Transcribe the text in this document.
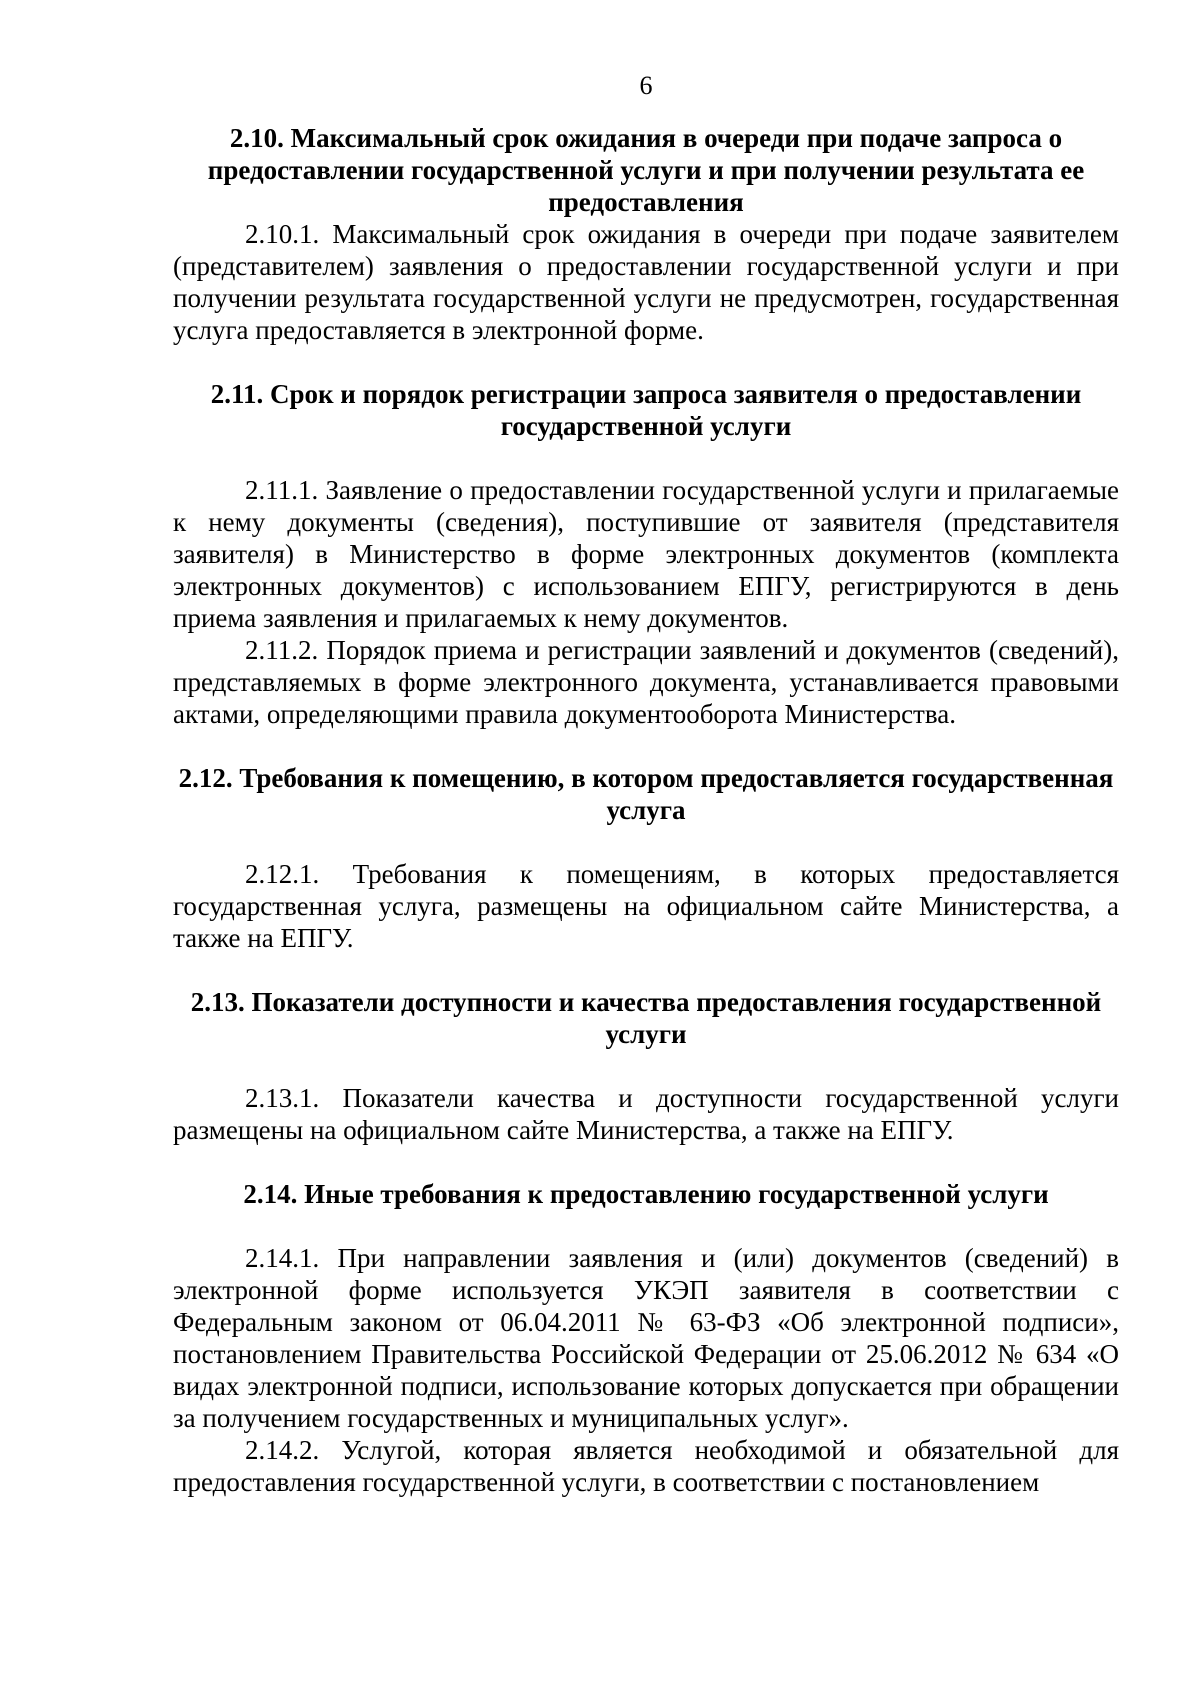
6
2.10. Максимальный срок ожидания в очереди при подаче запроса о предоставлении государственной услуги и при получении результата ее предоставления

2.10.1. Максимальный срок ожидания в очереди при подаче заявителем (представителем) заявления о предоставлении государственной услуги и при получении результата государственной услуги не предусмотрен, государственная услуга предоставляется в электронной форме.

2.11. Срок и порядок регистрации запроса заявителя о предоставлении государственной услуги

2.11.1. Заявление о предоставлении государственной услуги и прилагаемые к нему документы (сведения), поступившие от заявителя (представителя заявителя) в Министерство в форме электронных документов (комплекта электронных документов) с использованием ЕПГУ, регистрируются в день приема заявления и прилагаемых к нему документов.

2.11.2. Порядок приема и регистрации заявлений и документов (сведений), представляемых в форме электронного документа, устанавливается правовыми актами, определяющими правила документооборота Министерства.

2.12. Требования к помещению, в котором предоставляется государственная услуга

2.12.1. Требования к помещениям, в которых предоставляется государственная услуга, размещены на официальном сайте Министерства, а также на ЕПГУ.

2.13. Показатели доступности и качества предоставления государственной услуги

2.13.1. Показатели качества и доступности государственной услуги размещены на официальном сайте Министерства, а также на ЕПГУ.

2.14. Иные требования к предоставлению государственной услуги

2.14.1. При направлении заявления и (или) документов (сведений) в электронной форме используется УКЭП заявителя в соответствии с Федеральным законом от 06.04.2011 № 63-ФЗ «Об электронной подписи», постановлением Правительства Российской Федерации от 25.06.2012 № 634 «О видах электронной подписи, использование которых допускается при обращении за получением государственных и муниципальных услуг».

2.14.2. Услугой, которая является необходимой и обязательной для предоставления государственной услуги, в соответствии с постановлением
